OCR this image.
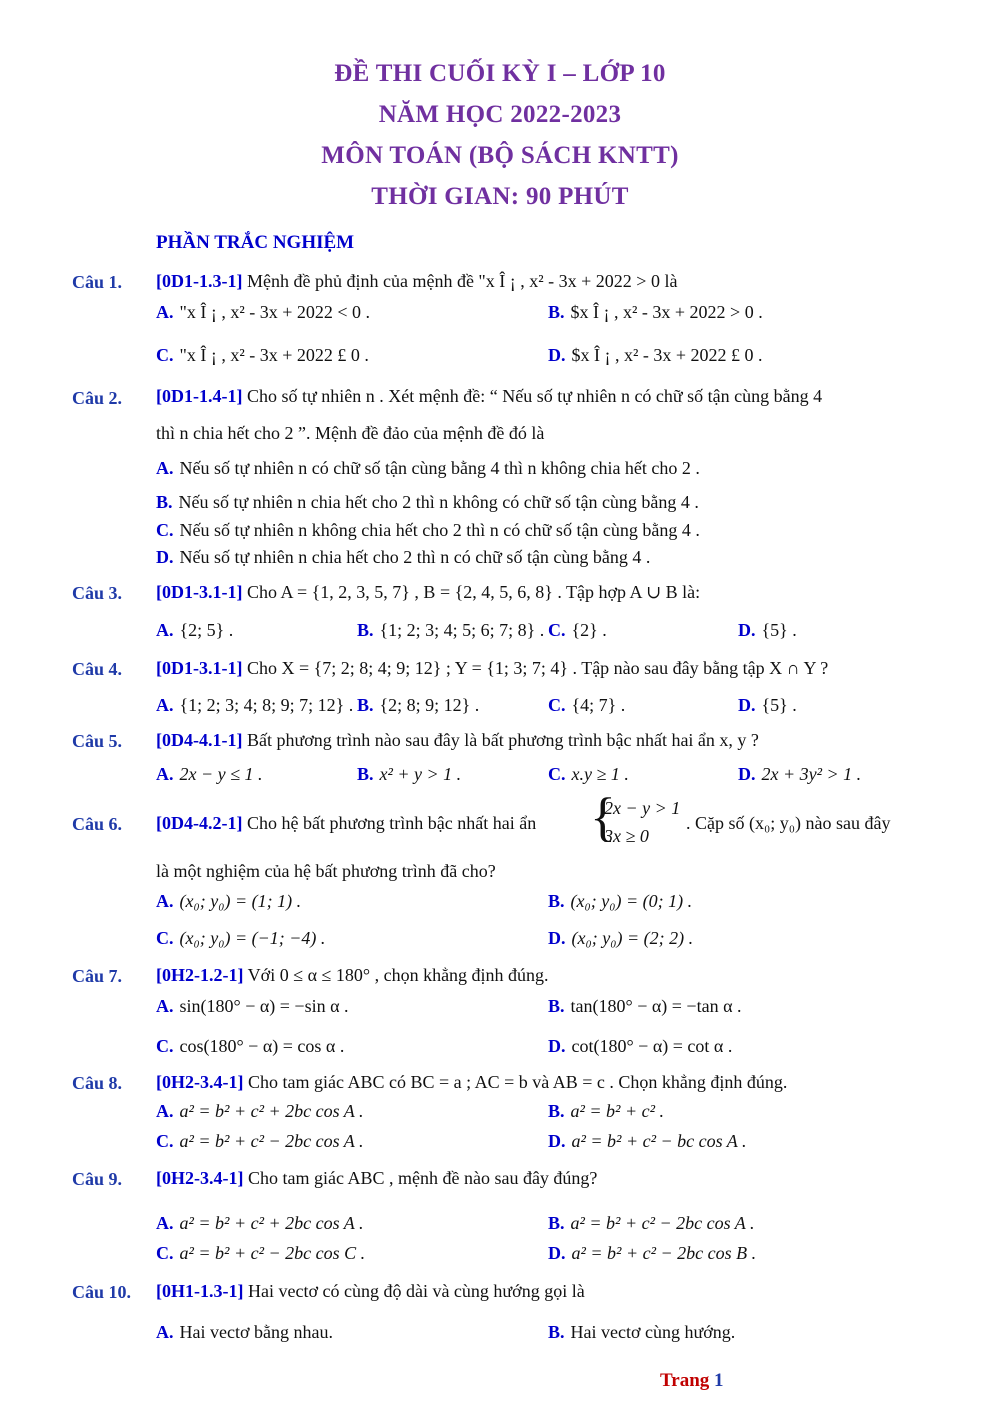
ĐỀ THI CUỐI KỲ I – LỚP 10
NĂM HỌC 2022-2023
MÔN TOÁN (BỘ SÁCH KNTT)
THỜI GIAN: 90 PHÚT
PHẦN TRẮC NGHIỆM
Câu 1. [0D1-1.3-1] Mệnh đề phủ định của mệnh đề "x Î ¡ , x² - 3x + 2022 > 0 là
A. "x Î ¡ , x² - 3x + 2022 < 0 .	B. $x Î ¡ , x² - 3x + 2022 > 0 .
C. "x Î ¡ , x² - 3x + 2022 £ 0 .	D. $x Î ¡ , x² - 3x + 2022 £ 0 .
Câu 2. [0D1-1.4-1] Cho số tự nhiên n . Xét mệnh đề: “ Nếu số tự nhiên n có chữ số tận cùng bằng 4
thì n chia hết cho 2 ”. Mệnh đề đảo của mệnh đề đó là
A. Nếu số tự nhiên n có chữ số tận cùng bằng 4 thì n không chia hết cho 2 .
B. Nếu số tự nhiên n chia hết cho 2 thì n không có chữ số tận cùng bằng 4 .
C. Nếu số tự nhiên n không chia hết cho 2 thì n có chữ số tận cùng bằng 4 .
D. Nếu số tự nhiên n chia hết cho 2 thì n có chữ số tận cùng bằng 4 .
Câu 3. [0D1-3.1-1] Cho A = {1, 2, 3, 5, 7} , B = {2, 4, 5, 6, 8} . Tập hợp A ∪ B là:
A. {2; 5} .	B. {1; 2; 3; 4; 5; 6; 7; 8} . C. {2} .	D. {5} .
Câu 4. [0D1-3.1-1] Cho X = {7; 2; 8; 4; 9; 12} ; Y = {1; 3; 7; 4} . Tập nào sau đây bằng tập X ∩ Y ?
A. {1; 2; 3; 4; 8; 9; 7; 12} . B. {2; 8; 9; 12} .	C. {4; 7} .	D. {5} .
Câu 5. [0D4-4.1-1] Bất phương trình nào sau đây là bất phương trình bậc nhất hai ẩn x, y ?
A. 2x − y ≤ 1 .	B. x² + y > 1 .	C. x.y ≥ 1 .	D. 2x + 3y² > 1 .
Câu 6. [0D4-4.2-1] Cho hệ bất phương trình bậc nhất hai ẩn {
2x − y > 1
3x ≥ 0
. Cặp số (x₀; y₀) nào sau đây
là một nghiệm của hệ bất phương trình đã cho?
A. (x₀; y₀) = (1; 1) .	B. (x₀; y₀) = (0; 1) .
C. (x₀; y₀) = (−1; −4) .	D. (x₀; y₀) = (2; 2) .
Câu 7. [0H2-1.2-1] Với 0 ≤ α ≤ 180° , chọn khẳng định đúng.
A. sin(180° − α) = −sin α .	B. tan(180° − α) = −tan α .
C. cos(180° − α) = cos α .	D. cot(180° − α) = cot α .
Câu 8. [0H2-3.4-1] Cho tam giác ABC có BC = a ; AC = b và AB = c . Chọn khẳng định đúng.
A. a² = b² + c² + 2bc cos A .	B. a² = b² + c² .
C. a² = b² + c² − 2bc cos A .	D. a² = b² + c² − bc cos A .
Câu 9. [0H2-3.4-1] Cho tam giác ABC , mệnh đề nào sau đây đúng?
A. a² = b² + c² + 2bc cos A .	B. a² = b² + c² − 2bc cos A .
C. a² = b² + c² − 2bc cos C .	D. a² = b² + c² − 2bc cos B .
Câu 10. [0H1-1.3-1] Hai vectơ có cùng độ dài và cùng hướng gọi là
A. Hai vectơ bằng nhau.	B. Hai vectơ cùng hướng.
Trang 1
